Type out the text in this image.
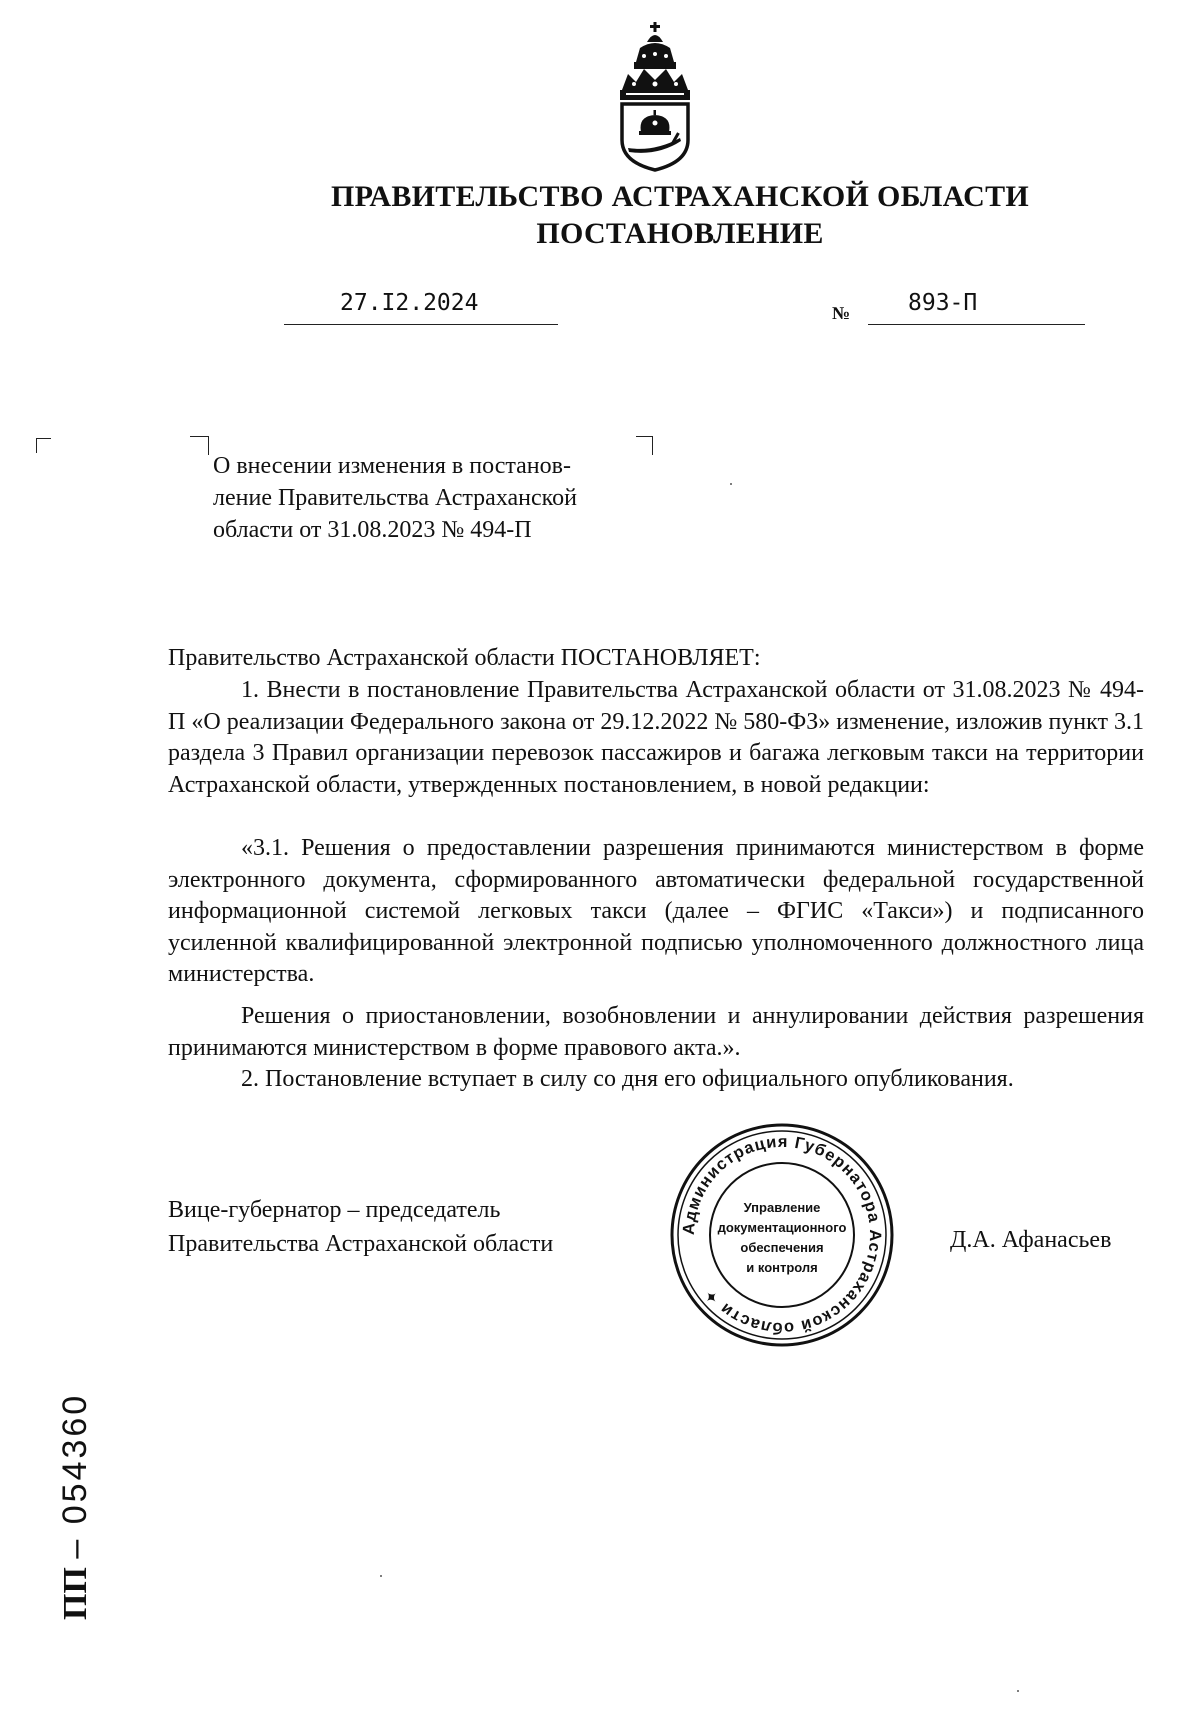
ПРАВИТЕЛЬСТВО АСТРАХАНСКОЙ ОБЛАСТИ
ПОСТАНОВЛЕНИЕ
27.I2.2024	№	893-П
О внесении изменения в постанов-
ление Правительства Астраханской
области от 31.08.2023 № 494-П
Правительство Астраханской области ПОСТАНОВЛЯЕТ:
1. Внести в постановление Правительства Астраханской области от 31.08.2023 № 494-П «О реализации Федерального закона от 29.12.2022 № 580-ФЗ» изменение, изложив пункт 3.1 раздела 3 Правил организации перевозок пассажиров и багажа легковым такси на территории Астраханской области, утвержденных постановлением, в новой редакции:
«3.1. Решения о предоставлении разрешения принимаются министерством в форме электронного документа, сформированного автоматически федеральной государственной информационной системой легковых такси (далее – ФГИС «Такси») и подписанного усиленной квалифицированной электронной подписью уполномоченного должностного лица министерства.
Решения о приостановлении, возобновлении и аннулировании действия разрешения принимаются министерством в форме правового акта.».
2. Постановление вступает в силу со дня его официального опубликования.
Вице-губернатор – председатель
Правительства Астраханской области	Д.А. Афанасьев
Администрация Губернатора Астраханской области ✦
Управление
документационного
обеспечения
и контроля
ПП – 054360
